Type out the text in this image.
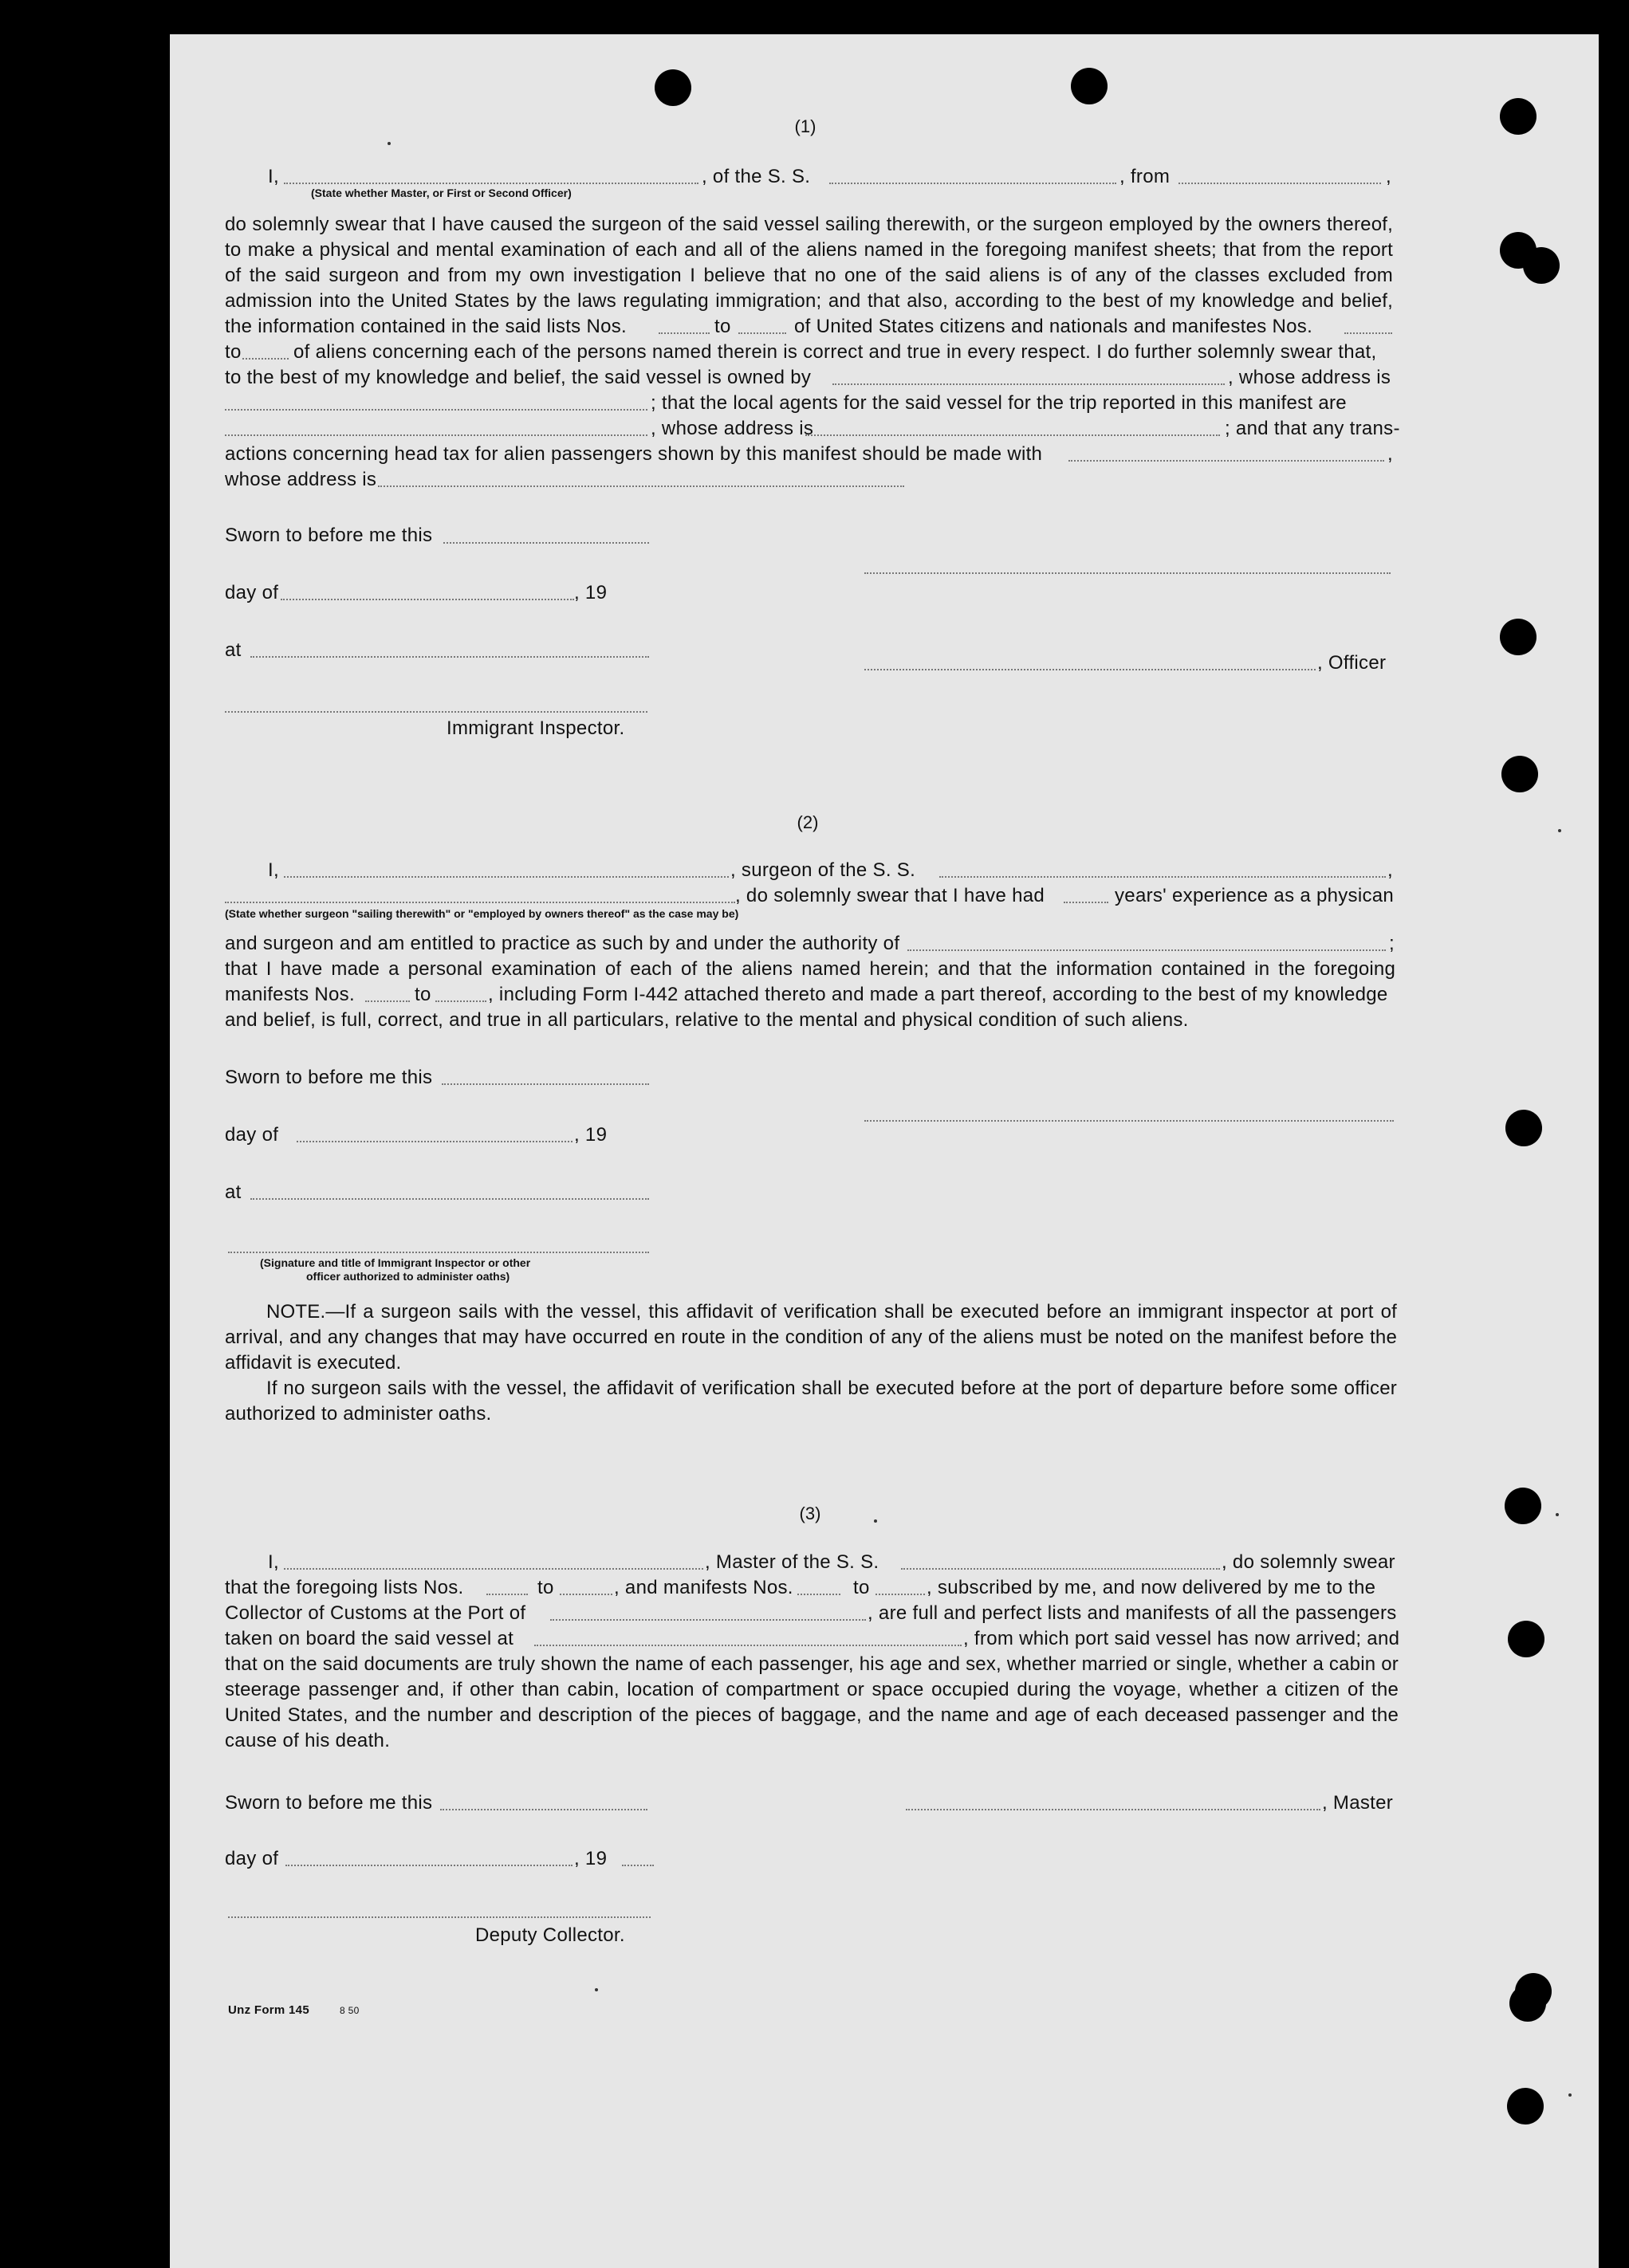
(1)
I,
(State whether Master, or First or Second Officer)
, of the S. S.	, from	,
do solemnly swear that I have caused the surgeon of the said vessel sailing therewith, or the surgeon employed by the owners thereof,
to make a physical and mental examination of each and all of the aliens named in the foregoing manifest sheets; that from the report
of the said surgeon and from my own investigation I believe that no one of the said aliens is of any of the classes excluded from
admission into the United States by the laws regulating immigration; and that also, according to the best of my knowledge and belief,
the information contained in the said lists Nos.	to	of United States citizens and nationals and manifestes Nos.
to	of aliens concerning each of the persons named therein is correct and true in every respect. I do further solemnly swear that,
to the best of my knowledge and belief, the said vessel is owned by	, whose address is
; that the local agents for the said vessel for the trip reported in this manifest are
, whose address is	; and that any trans-
actions concerning head tax for alien passengers shown by this manifest should be made with	,
whose address is
Sworn to before me this
day of	, 19
at
, Officer
Immigrant Inspector.
(2)
I,	, surgeon of the S. S.	,
, do solemnly swear that I have had	years' experience as a physican
(State whether surgeon "sailing therewith" or "employed by owners thereof" as the case may be)
and surgeon and am entitled to practice as such by and under the authority of	;
that I have made a personal examination of each of the aliens named herein; and that the information contained in the foregoing
manifests Nos.	to	, including Form I-442 attached thereto and made a part thereof, according to the best of my knowledge
and belief, is full, correct, and true in all particulars, relative to the mental and physical condition of such aliens.
Sworn to before me this
day of	, 19
at
(Signature and title of Immigrant Inspector or other
officer authorized to administer oaths)
NOTE.—If a surgeon sails with the vessel, this affidavit of verification shall be executed before an immigrant inspector at port of arrival, and any changes that may have occurred en route in the condition of any of the aliens must be noted on the manifest before the affidavit is executed.
If no surgeon sails with the vessel, the affidavit of verification shall be executed before at the port of departure before some officer authorized to administer oaths.
(3)
I,	, Master of the S. S.	, do solemnly swear
that the foregoing lists Nos.	to	, and manifests Nos.	to	, subscribed by me, and now delivered by me to the
Collector of Customs at the Port of	, are full and perfect lists and manifests of all the passengers
taken on board the said vessel at	, from which port said vessel has now arrived; and
that on the said documents are truly shown the name of each passenger, his age and sex, whether married or single, whether a cabin or
steerage passenger and, if other than cabin, location of compartment or space occupied during the voyage, whether a citizen of the
United States, and the number and description of the pieces of baggage, and the name and age of each deceased passenger and the
cause of his death.
Sworn to before me this	, Master
day of	, 19
Deputy Collector.
Unz Form 145	8 50
